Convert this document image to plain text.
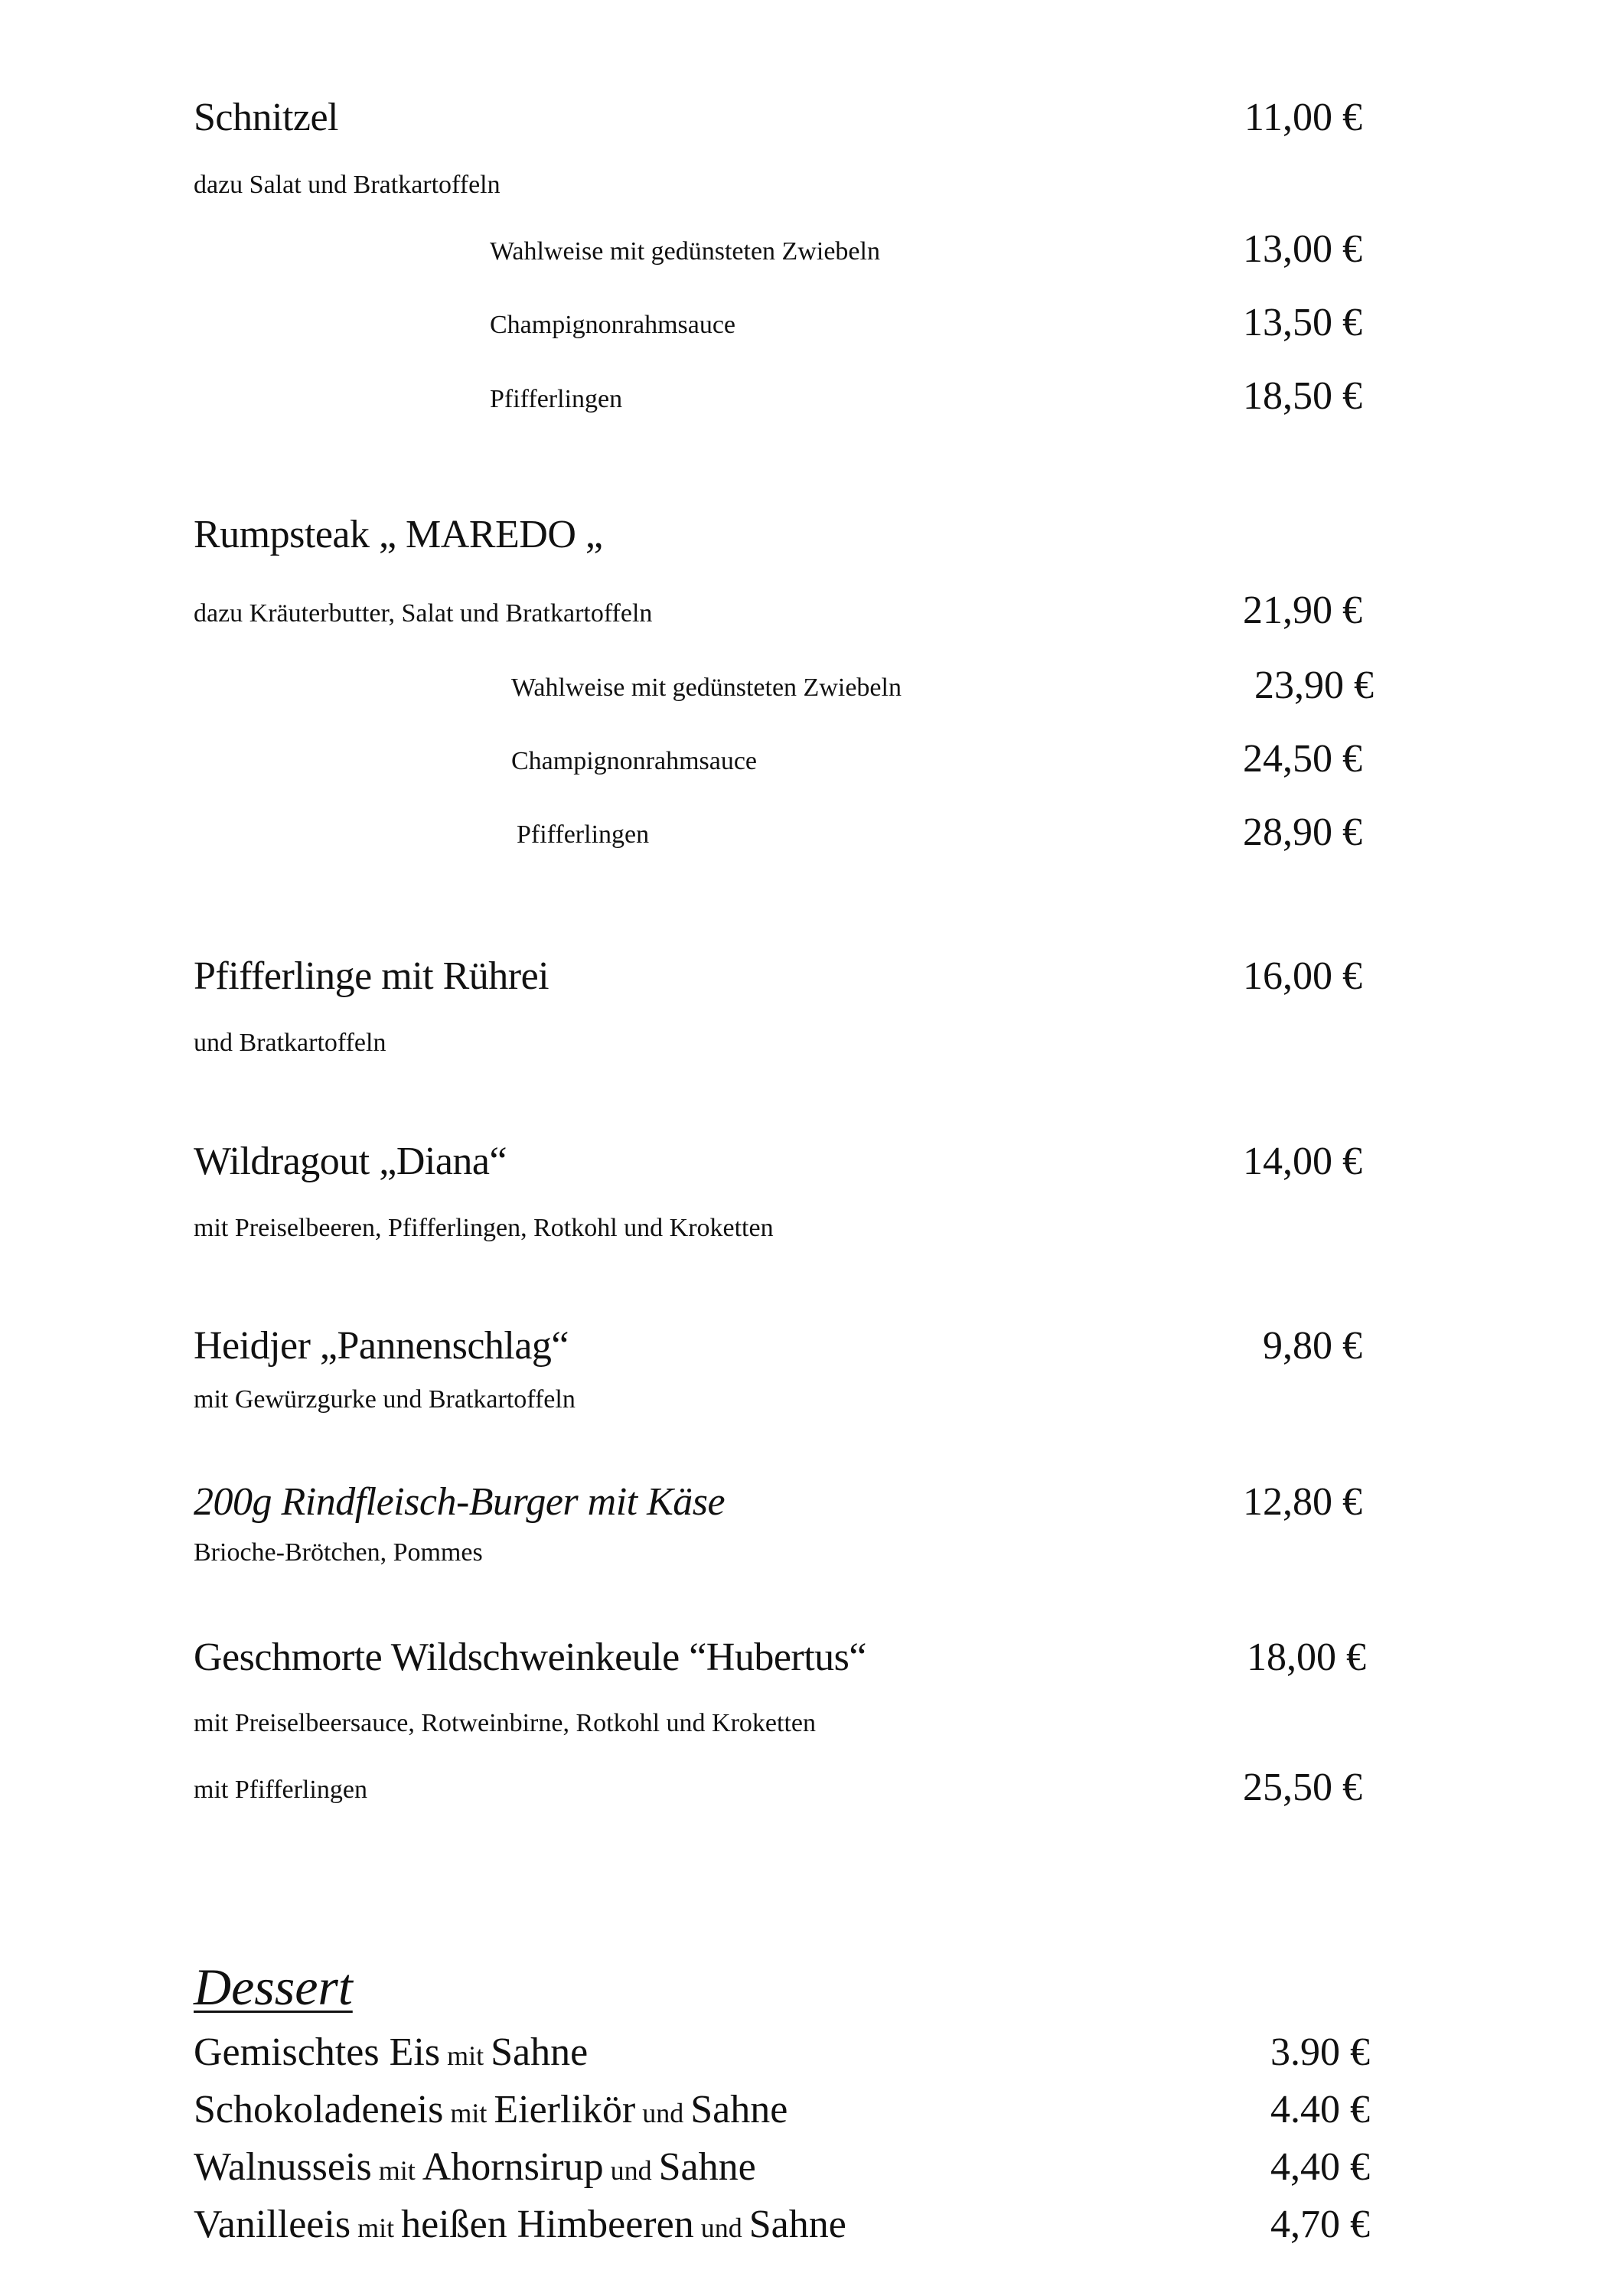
Schnitzel	11,00 €
dazu Salat und Bratkartoffeln
Wahlweise mit gedünsteten Zwiebeln	13,00 €
Champignonrahmsauce	13,50 €
Pfifferlingen	18,50 €
Rumpsteak „ MAREDO „
dazu Kräuterbutter, Salat und Bratkartoffeln	21,90 €
Wahlweise mit gedünsteten Zwiebeln	23,90 €
Champignonrahmsauce	24,50 €
Pfifferlingen	28,90 €
Pfifferlinge mit Rührei	16,00 €
und Bratkartoffeln
Wildragout „Diana“	14,00 €
mit Preiselbeeren, Pfifferlingen, Rotkohl und Kroketten
Heidjer „Pannenschlag“	9,80 €
mit Gewürzgurke und Bratkartoffeln
200g Rindfleisch-Burger mit Käse	12,80 €
Brioche-Brötchen, Pommes
Geschmorte Wildschweinkeule “Hubertus“	18,00 €
mit Preiselbeersauce, Rotweinbirne, Rotkohl und Kroketten
mit Pfifferlingen	25,50 €
Dessert
Gemischtes Eis mit Sahne	3.90 €
Schokoladeneis mit Eierlikör und Sahne	4.40 €
Walnusseis mit Ahornsirup und Sahne	4,40 €
Vanilleeis mit heißen Himbeeren und Sahne	4,70 €
